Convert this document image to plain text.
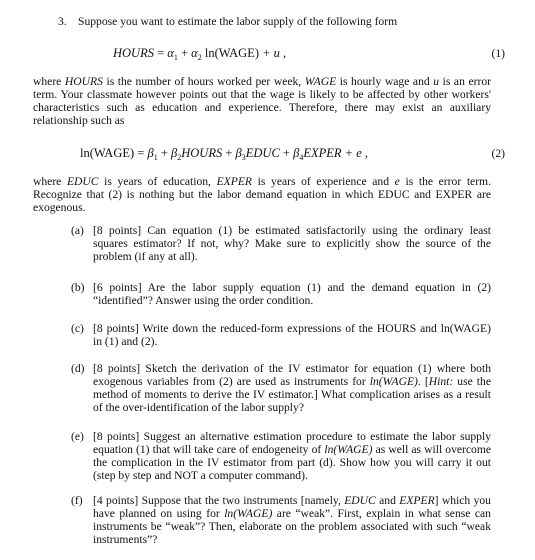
3. Suppose you want to estimate the labor supply of the following form
HOURS = $\alpha_1 + \alpha_2$ ln(WAGE) + u ,	(1)
where HOURS is the number of hours worked per week, WAGE is hourly wage and u is an error term. Your classmate however points out that the wage is likely to be affected by other workers' characteristics such as education and experience. Therefore, there may exist an auxiliary relationship such as
ln(WAGE) = $\beta_1$ + $\beta_2HOURS$ + $\beta_3EDUC$ + $\beta_4EXPER + e$ ,	(2)
where EDUC is years of education, EXPER is years of experience and e is the error term. Recognize that (2) is nothing but the labor demand equation in which EDUC and EXPER are exogenous.
(a) [8 points] Can equation (1) be estimated satisfactorily using the ordinary least squares estimator? If not, why? Make sure to explicitly show the source of the problem (if any at all).
(b) [6 points] Are the labor supply equation (1) and the demand equation in (2) “identified”? Answer using the order condition.
(c) [8 points] Write down the reduced-form expressions of the HOURS and ln(WAGE) in (1) and (2).
(d) [8 points] Sketch the derivation of the IV estimator for equation (1) where both exogenous variables from (2) are used as instruments for ln(WAGE). [Hint: use the method of moments to derive the IV estimator.] What complication arises as a result of the over-identification of the labor supply?
(e) [8 points] Suggest an alternative estimation procedure to estimate the labor supply equation (1) that will take care of endogeneity of ln(WAGE) as well as will overcome the complication in the IV estimator from part (d). Show how you will carry it out (step by step and NOT a computer command).
(f) [4 points] Suppose that the two instruments [namely, EDUC and EXPER] which you have planned on using for ln(WAGE) are “weak”. First, explain in what sense can instruments be “weak”? Then, elaborate on the problem associated with such “weak instruments”?
